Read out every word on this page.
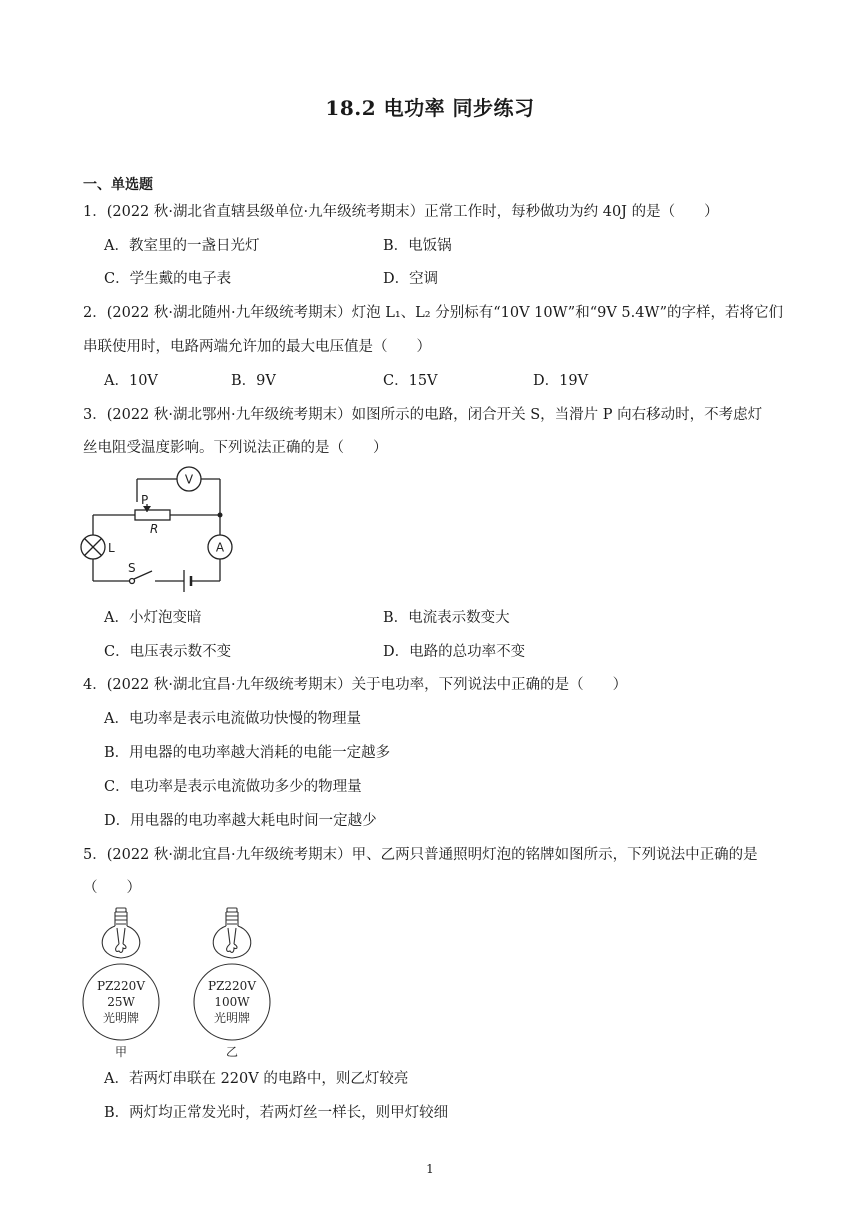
18.2 电功率 同步练习
一、单选题
1．(2022 秋·湖北省直辖县级单位·九年级统考期末）正常工作时，每秒做功为约 40J 的是（　　）
A．教室里的一盏日光灯	B．电饭锅
C．学生戴的电子表	D．空调
2．(2022 秋·湖北随州·九年级统考期末）灯泡 L₁、L₂ 分别标有“10V 10W”和“9V 5.4W”的字样，若将它们
串联使用时，电路两端允许加的最大电压值是（　　）
A．10V	B．9V	C．15V	D．19V
3．(2022 秋·湖北鄂州·九年级统考期末）如图所示的电路，闭合开关 S，当滑片 P 向右移动时，不考虑灯
丝电阻受温度影响。下列说法正确的是（　　）
V
A
P
R
L
S
A．小灯泡变暗	B．电流表示数变大
C．电压表示数不变	D．电路的总功率不变
4．(2022 秋·湖北宜昌·九年级统考期末）关于电功率，下列说法中正确的是（　　）
A．电功率是表示电流做功快慢的物理量
B．用电器的电功率越大消耗的电能一定越多
C．电功率是表示电流做功多少的物理量
D．用电器的电功率越大耗电时间一定越少
5．(2022 秋·湖北宜昌·九年级统考期末）甲、乙两只普通照明灯泡的铭牌如图所示，下列说法中正确的是
（　　）
PZ220V
25W
光明牌
甲
PZ220V
100W
光明牌
乙
A．若两灯串联在 220V 的电路中，则乙灯较亮
B．两灯均正常发光时，若两灯丝一样长，则甲灯较细
1
